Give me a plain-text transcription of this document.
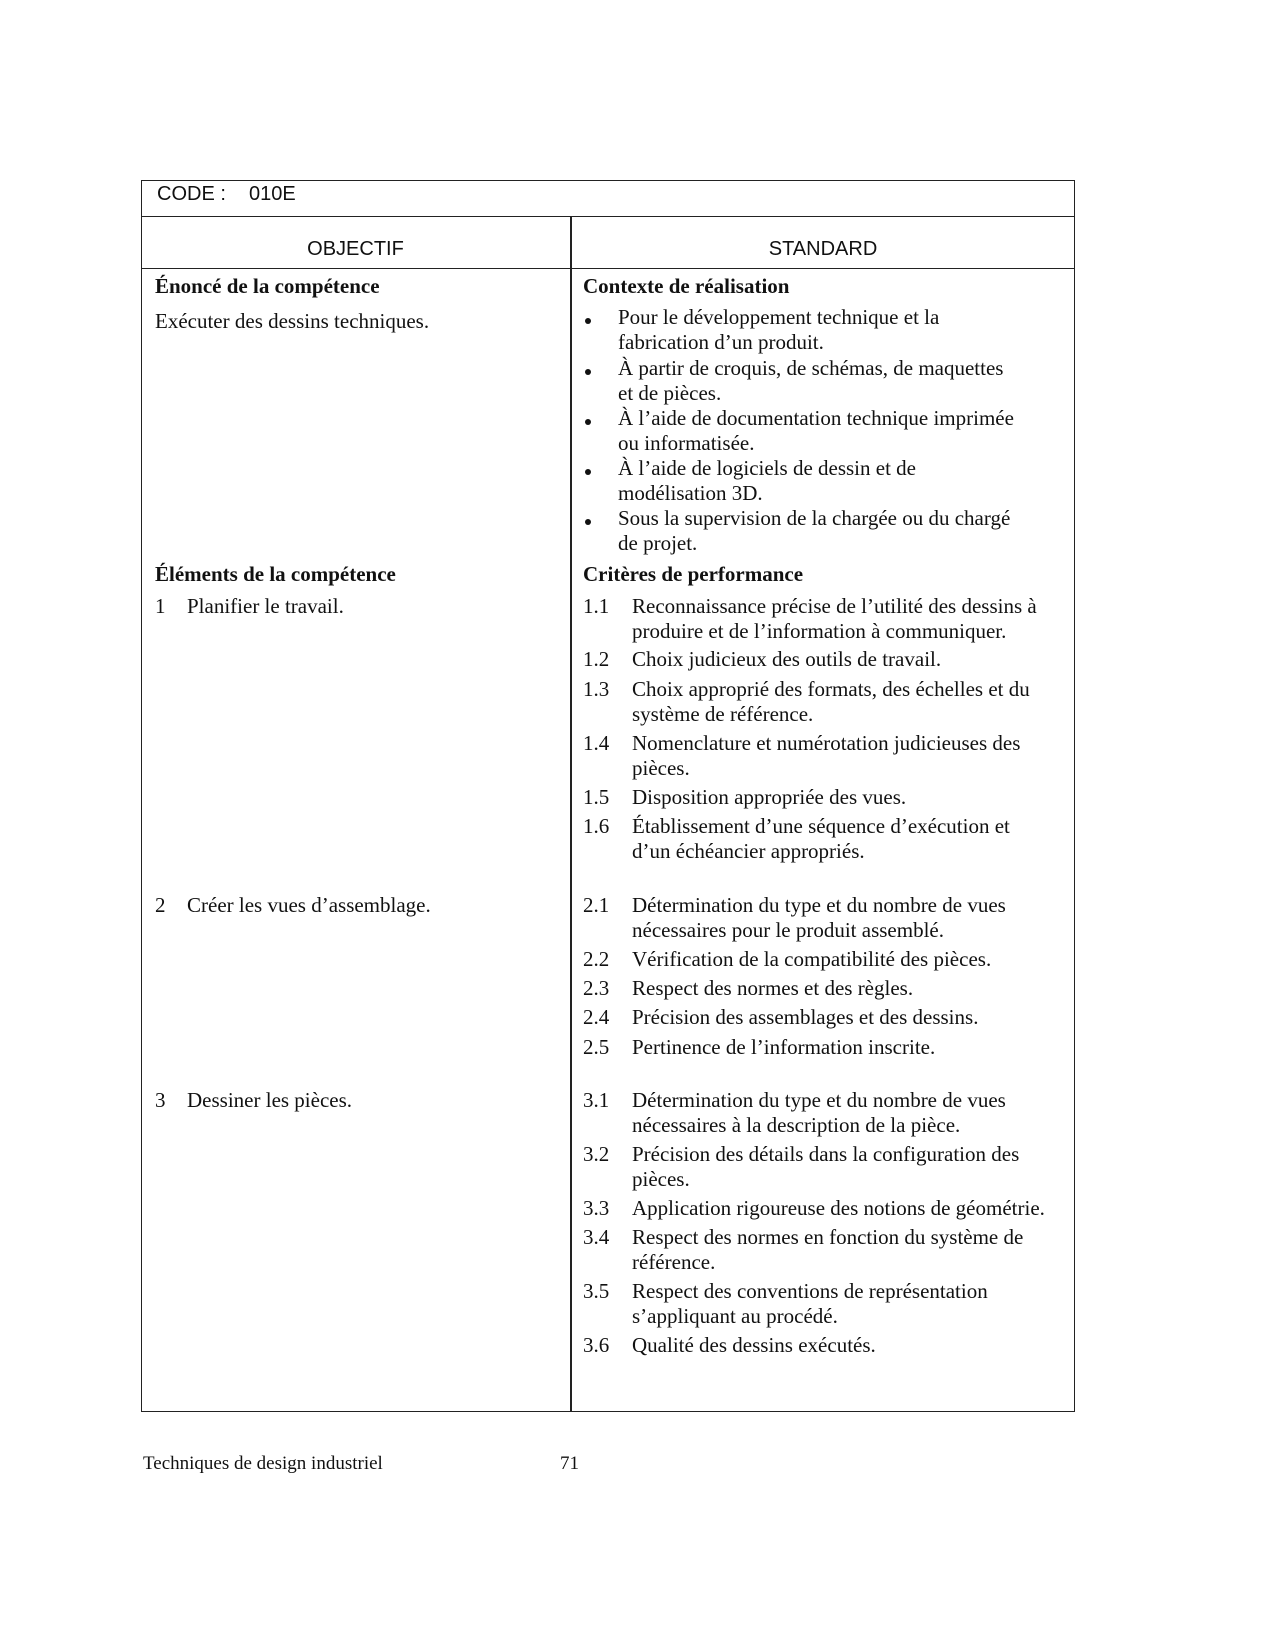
CODE : 010E
OBJECTIF	STANDARD
Énoncé de la compétence
Exécuter des dessins techniques.
Éléments de la compétence
Contexte de réalisation
Critères de performance
1 Planifier le travail.
2 Créer les vues d’assemblage.
3 Dessiner les pièces.
Pour le développement technique et la
fabrication d’un produit.
À partir de croquis, de schémas, de maquettes
et de pièces.
À l’aide de documentation technique imprimée
ou informatisée.
À l’aide de logiciels de dessin et de
modélisation 3D.
Sous la supervision de la chargée ou du chargé
de projet.
1.1 Reconnaissance précise de l’utilité des dessins à
produire et de l’information à communiquer.
1.2 Choix judicieux des outils de travail.
1.3 Choix approprié des formats, des échelles et du
système de référence.
1.4 Nomenclature et numérotation judicieuses des
pièces.
1.5 Disposition appropriée des vues.
1.6 Établissement d’une séquence d’exécution et
d’un échéancier appropriés.
2.1 Détermination du type et du nombre de vues
nécessaires pour le produit assemblé.
2.2 Vérification de la compatibilité des pièces.
2.3 Respect des normes et des règles.
2.4 Précision des assemblages et des dessins.
2.5 Pertinence de l’information inscrite.
3.1 Détermination du type et du nombre de vues
nécessaires à la description de la pièce.
3.2 Précision des détails dans la configuration des
pièces.
3.3 Application rigoureuse des notions de géométrie.
3.4 Respect des normes en fonction du système de
référence.
3.5 Respect des conventions de représentation
s’appliquant au procédé.
3.6 Qualité des dessins exécutés.
Techniques de design industriel	71
